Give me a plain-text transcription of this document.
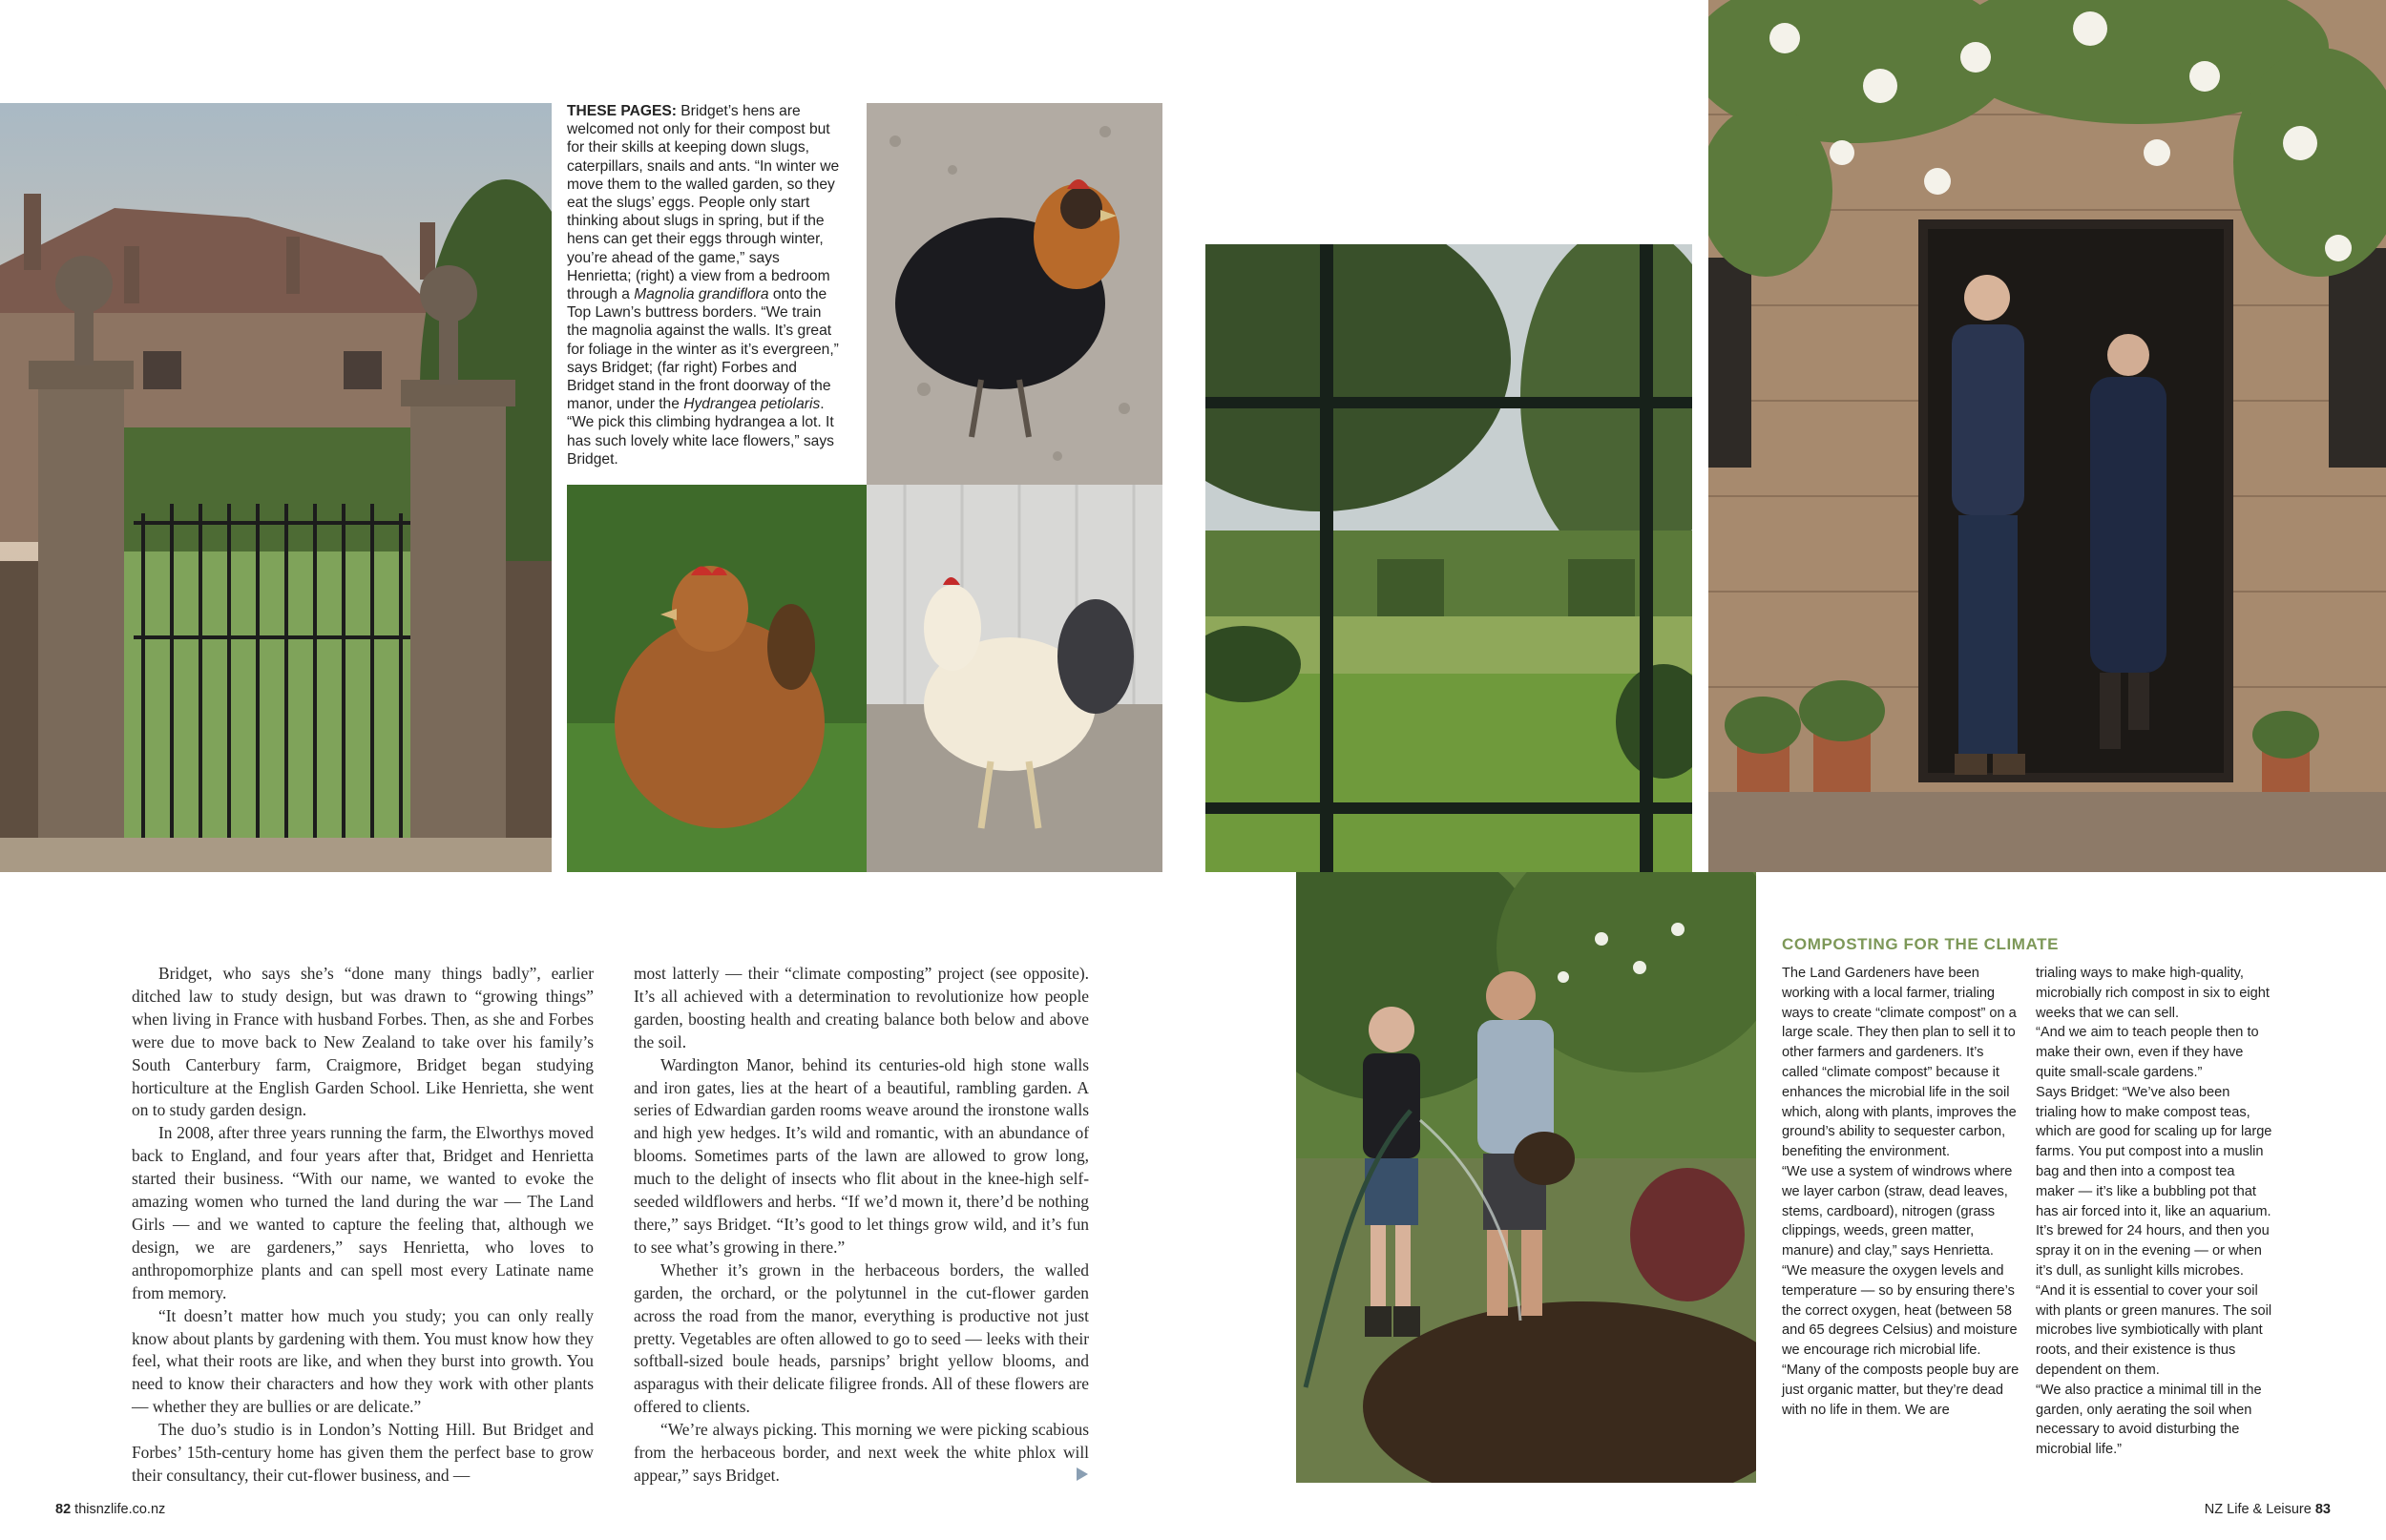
THESE PAGES: Bridget’s hens are welcomed not only for their compost but for their skills at keeping down slugs, caterpillars, snails and ants. “In winter we move them to the walled garden, so they eat the slugs’ eggs. People only start thinking about slugs in spring, but if the hens can get their eggs through winter, you’re ahead of the game,” says Henrietta; (right) a view from a bedroom through a Magnolia grandiflora onto the Top Lawn’s buttress borders. “We train the magnolia against the walls. It’s great for foliage in the winter as it’s evergreen,” says Bridget; (far right) Forbes and Bridget stand in the front doorway of the manor, under the Hydrangea petiolaris. “We pick this climbing hydrangea a lot. It has such lovely white lace flowers,” says Bridget.

Bridget, who says she’s “done many things badly”, earlier ditched law to study design, but was drawn to “growing things” when living in France with husband Forbes. Then, as she and Forbes were due to move back to New Zealand to take over his family’s South Canterbury farm, Craigmore, Bridget began studying horticulture at the English Garden School. Like Henrietta, she went on to study garden design.

In 2008, after three years running the farm, the Elworthys moved back to England, and four years after that, Bridget and Henrietta started their business. “With our name, we wanted to evoke the amazing women who turned the land during the war — The Land Girls — and we wanted to capture the feeling that, although we design, we are gardeners,” says Henrietta, who loves to anthropomorphize plants and can spell most every Latinate name from memory.

“It doesn’t matter how much you study; you can only really know about plants by gardening with them. You must know how they feel, what their roots are like, and when they burst into growth. You need to know their characters and how they work with other plants — whether they are bullies or are delicate.”

The duo’s studio is in London’s Notting Hill. But Bridget and Forbes’ 15th-century home has given them the perfect base to grow their consultancy, their cut-flower business, and —

most latterly — their “climate composting” project (see opposite). It’s all achieved with a determination to revolutionize how people garden, boosting health and creating balance both below and above the soil.

Wardington Manor, behind its centuries-old high stone walls and iron gates, lies at the heart of a beautiful, rambling garden. A series of Edwardian garden rooms weave around the ironstone walls and high yew hedges. It’s wild and romantic, with an abundance of blooms. Sometimes parts of the lawn are allowed to grow long, much to the delight of insects who flit about in the knee-high self-seeded wildflowers and herbs. “If we’d mown it, there’d be nothing there,” says Bridget. “It’s good to let things grow wild, and it’s fun to see what’s growing in there.”

Whether it’s grown in the herbaceous borders, the walled garden, the orchard, or the polytunnel in the cut-flower garden across the road from the manor, everything is productive not just pretty. Vegetables are often allowed to go to seed — leeks with their softball-sized boule heads, parsnips’ bright yellow blooms, and asparagus with their delicate filigree fronds. All of these flowers are offered to clients.

“We’re always picking. This morning we were picking scabious from the herbaceous border, and next week the white phlox will appear,” says Bridget.

COMPOSTING FOR THE CLIMATE

The Land Gardeners have been working with a local farmer, trialing ways to create “climate compost” on a large scale. They then plan to sell it to other farmers and gardeners. It’s called “climate compost” because it enhances the microbial life in the soil which, along with plants, improves the ground’s ability to sequester carbon, benefiting the environment.

“We use a system of windrows where we layer carbon (straw, dead leaves, stems, cardboard), nitrogen (grass clippings, weeds, green matter, manure) and clay,” says Henrietta.

“We measure the oxygen levels and temperature — so by ensuring there’s the correct oxygen, heat (between 58 and 65 degrees Celsius) and moisture we encourage rich microbial life.

“Many of the composts people buy are just organic matter, but they’re dead with no life in them. We are

trialing ways to make high-quality, microbially rich compost in six to eight weeks that we can sell.

“And we aim to teach people then to make their own, even if they have quite small-scale gardens.”

Says Bridget: “We’ve also been trialing how to make compost teas, which are good for scaling up for large farms. You put compost into a muslin bag and then into a compost tea maker — it’s like a bubbling pot that has air forced into it, like an aquarium. It’s brewed for 24 hours, and then you spray it on in the evening — or when it’s dull, as sunlight kills microbes.

“And it is essential to cover your soil with plants or green manures. The soil microbes live symbiotically with plant roots, and their existence is thus dependent on them.

“We also practice a minimal till in the garden, only aerating the soil when necessary to avoid disturbing the microbial life.”

82 thisnzlife.co.nz	NZ Life & Leisure 83
